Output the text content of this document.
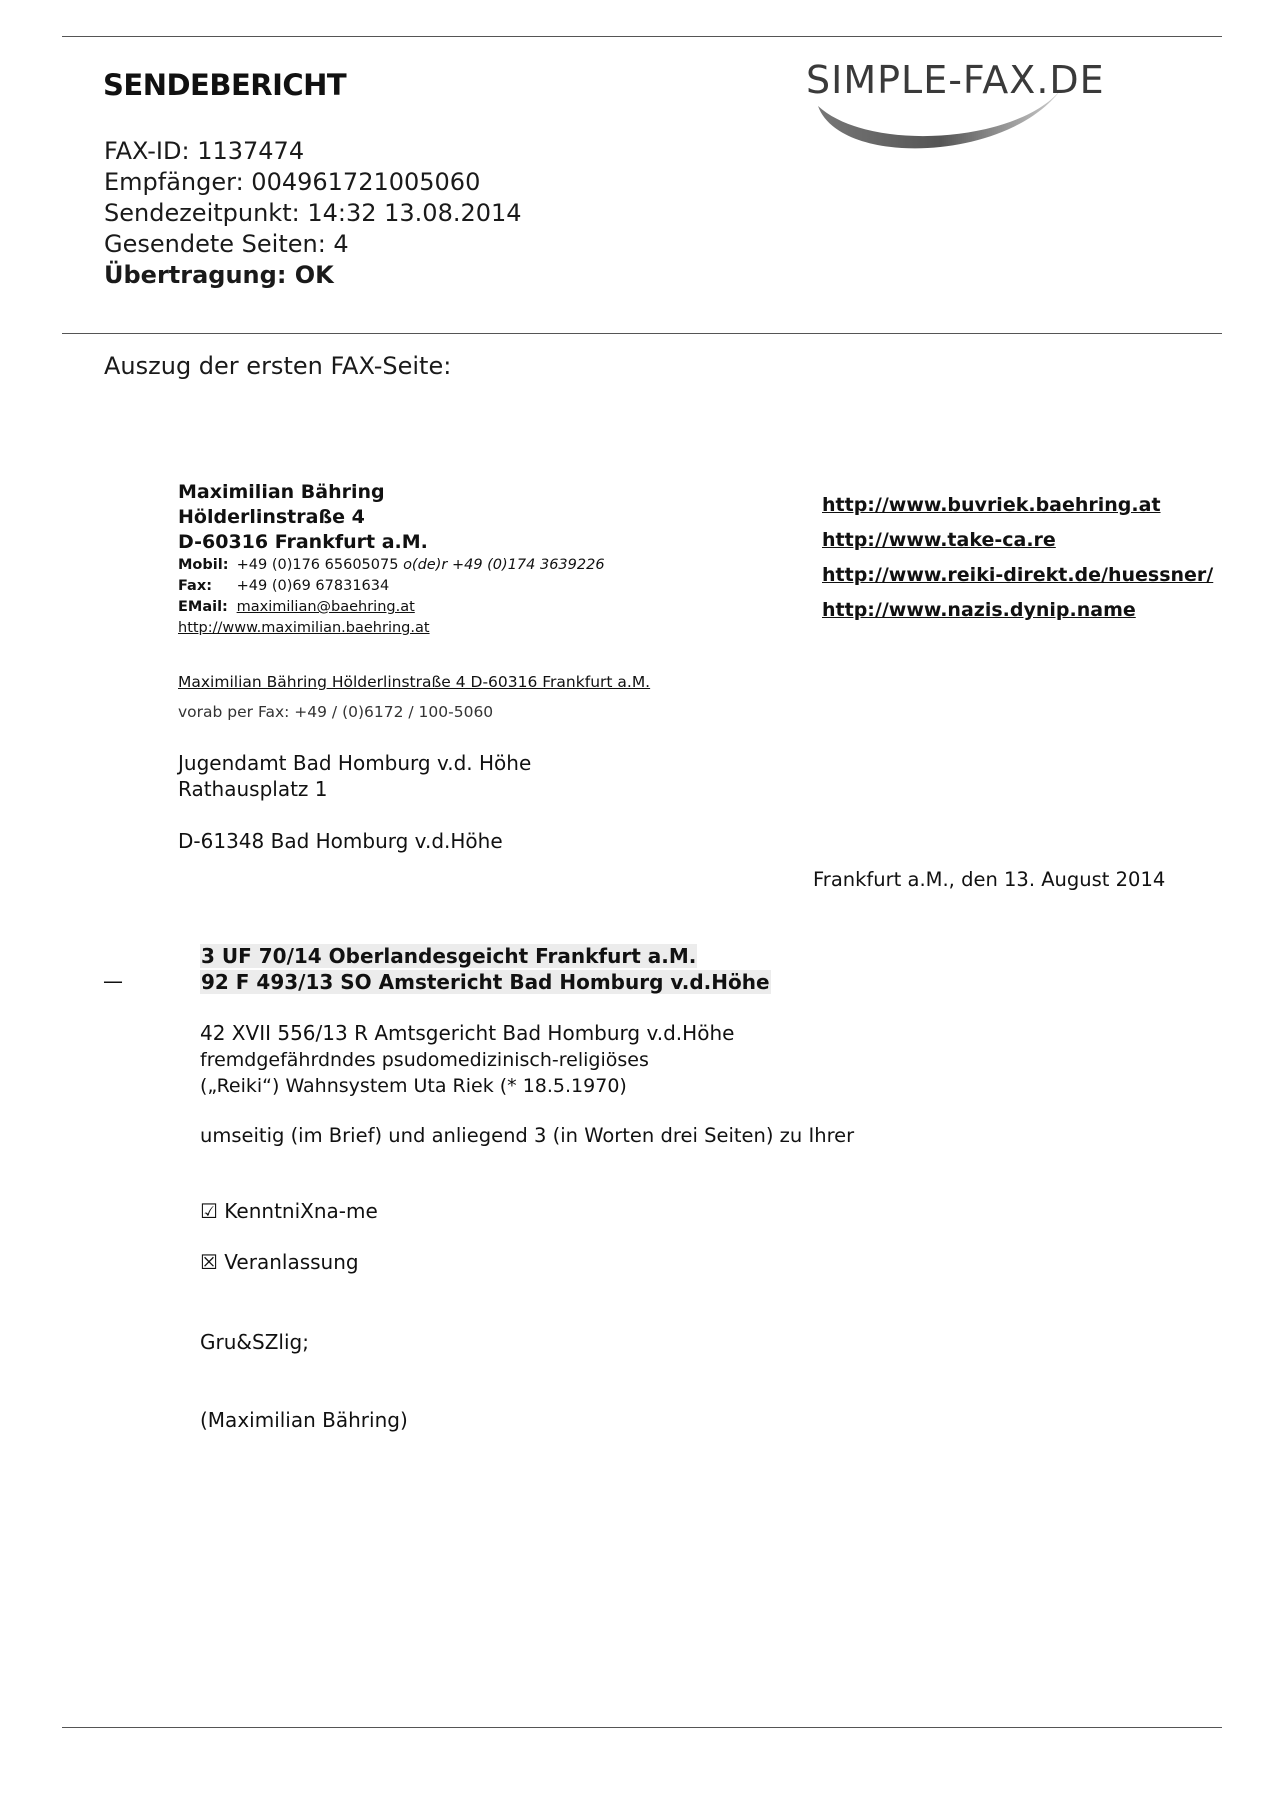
SENDEBERICHT	SIMPLE-FAX.DE
FAX-ID: 1137474
Empfänger: 004961721005060
Sendezeitpunkt: 14:32 13.08.2014
Gesendete Seiten: 4
Übertragung: OK
Auszug der ersten FAX-Seite:
Maximilian Bähring
Hölderlinstraße 4
D-60316 Frankfurt a.M.
Mobil: +49 (0)176 65605075 o(de)r +49 (0)174 3639226
Fax: +49 (0)69 67831634
EMail: maximilian@baehring.at
http://www.maximilian.baehring.at
http://www.buvriek.baehring.at
http://www.take-ca.re
http://www.reiki-direkt.de/huessner/
http://www.nazis.dynip.name
Maximilian Bähring Hölderlinstraße 4 D-60316 Frankfurt a.M.
vorab per Fax: +49 / (0)6172 / 100-5060
Jugendamt Bad Homburg v.d. Höhe
Rathausplatz 1
D-61348 Bad Homburg v.d.Höhe
Frankfurt a.M., den 13. August 2014
3 UF 70/14 Oberlandesgeicht Frankfurt a.M.
92 F 493/13 SO Amstericht Bad Homburg v.d.Höhe
—
42 XVII 556/13 R Amtsgericht Bad Homburg v.d.Höhe
fremdgefährdndes psudomedizinisch-religiöses
(„Reiki“) Wahnsystem Uta Riek (* 18.5.1970)
umseitig (im Brief) und anliegend 3 (in Worten drei Seiten) zu Ihrer
☑ KenntniXna-me
☒ Veranlassung
Gru&SZlig;
(Maximilian Bähring)
